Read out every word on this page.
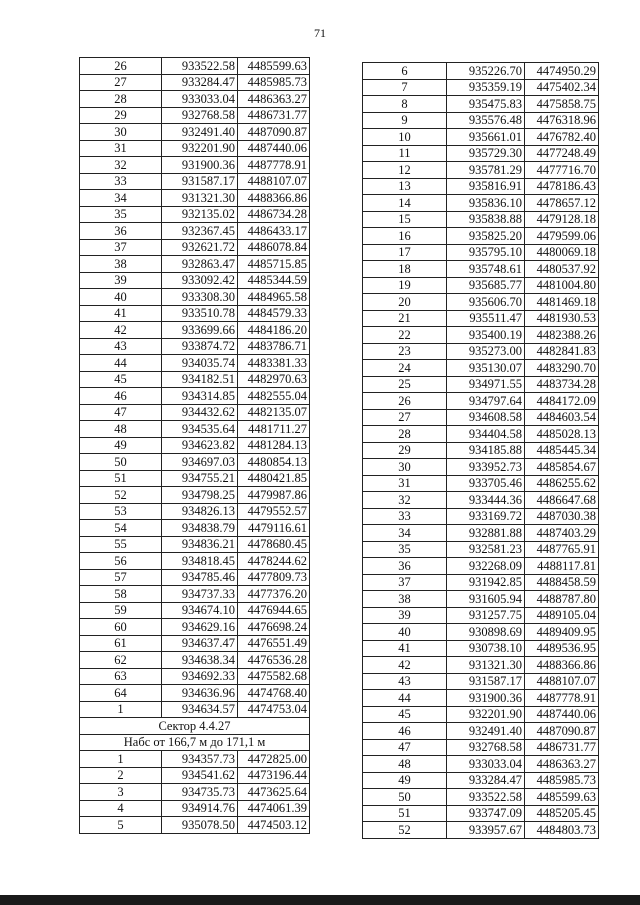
71
26	933522.58	4485599.63
27	933284.47	4485985.73
28	933033.04	4486363.27
29	932768.58	4486731.77
30	932491.40	4487090.87
31	932201.90	4487440.06
32	931900.36	4487778.91
33	931587.17	4488107.07
34	931321.30	4488366.86
35	932135.02	4486734.28
36	932367.45	4486433.17
37	932621.72	4486078.84
38	932863.47	4485715.85
39	933092.42	4485344.59
40	933308.30	4484965.58
41	933510.78	4484579.33
42	933699.66	4484186.20
43	933874.72	4483786.71
44	934035.74	4483381.33
45	934182.51	4482970.63
46	934314.85	4482555.04
47	934432.62	4482135.07
48	934535.64	4481711.27
49	934623.82	4481284.13
50	934697.03	4480854.13
51	934755.21	4480421.85
52	934798.25	4479987.86
53	934826.13	4479552.57
54	934838.79	4479116.61
55	934836.21	4478680.45
56	934818.45	4478244.62
57	934785.46	4477809.73
58	934737.33	4477376.20
59	934674.10	4476944.65
60	934629.16	4476698.24
61	934637.47	4476551.49
62	934638.34	4476536.28
63	934692.33	4475582.68
64	934636.96	4474768.40
1	934634.57	4474753.04
Сектор 4.4.27		
Набс от 166,7 м до 171,1 м		
1	934357.73	4472825.00
2	934541.62	4473196.44
3	934735.73	4473625.64
4	934914.76	4474061.39
5	935078.50	4474503.12
6	935226.70	4474950.29
7	935359.19	4475402.34
8	935475.83	4475858.75
9	935576.48	4476318.96
10	935661.01	4476782.40
11	935729.30	4477248.49
12	935781.29	4477716.70
13	935816.91	4478186.43
14	935836.10	4478657.12
15	935838.88	4479128.18
16	935825.20	4479599.06
17	935795.10	4480069.18
18	935748.61	4480537.92
19	935685.77	4481004.80
20	935606.70	4481469.18
21	935511.47	4481930.53
22	935400.19	4482388.26
23	935273.00	4482841.83
24	935130.07	4483290.70
25	934971.55	4483734.28
26	934797.64	4484172.09
27	934608.58	4484603.54
28	934404.58	4485028.13
29	934185.88	4485445.34
30	933952.73	4485854.67
31	933705.46	4486255.62
32	933444.36	4486647.68
33	933169.72	4487030.38
34	932881.88	4487403.29
35	932581.23	4487765.91
36	932268.09	4488117.81
37	931942.85	4488458.59
38	931605.94	4488787.80
39	931257.75	4489105.04
40	930898.69	4489409.95
41	930738.10	4489536.95
42	931321.30	4488366.86
43	931587.17	4488107.07
44	931900.36	4487778.91
45	932201.90	4487440.06
46	932491.40	4487090.87
47	932768.58	4486731.77
48	933033.04	4486363.27
49	933284.47	4485985.73
50	933522.58	4485599.63
51	933747.09	4485205.45
52	933957.67	4484803.73
